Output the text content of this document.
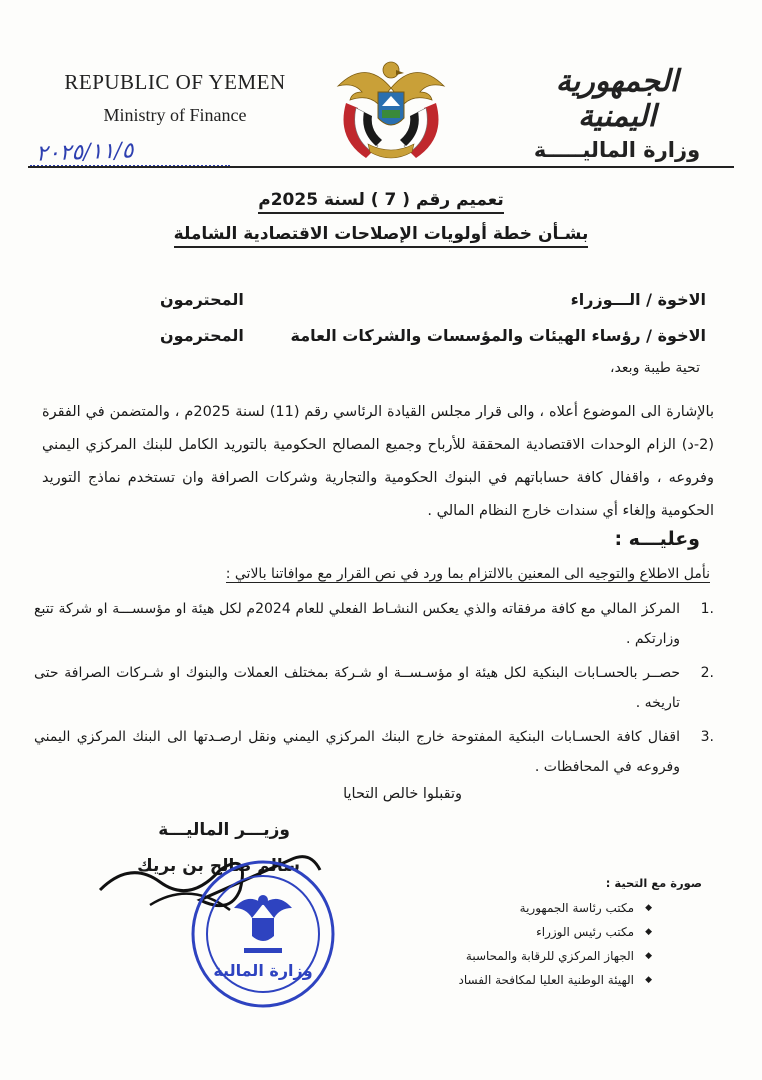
REPUBLIC OF YEMEN
Ministry of Finance
الجمهورية اليمنية
وزارة الماليـــــة
٢٠٢٥/١١/٥
تعميم رقم ( 7 ) لسنة 2025م
بشـأن خطة أولويات الإصلاحات الاقتصادية الشاملة
الاخوة / الـــوزراء
المحترمون
الاخوة / رؤساء الهيئات والمؤسسات والشركات العامة
المحترمون
تحية طيبة وبعد،
بالإشارة الى الموضوع أعلاه ، والى قرار مجلس القيادة الرئاسي رقم (11) لسنة 2025م ، والمتضمن في الفقرة (2-د) الزام الوحدات الاقتصادية المحققة للأرباح وجميع المصالح الحكومية بالتوريد الكامل للبنك المركزي اليمني وفروعه ، واقفال كافة حساباتهم في البنوك الحكومية والتجارية وشركات الصرافة وان تستخدم نماذج التوريد الحكومية وإلغاء أي سندات خارج النظام المالي .
وعليـــه :
نأمل الاطلاع والتوجيه الى المعنين بالالتزام بما ورد في نص القرار مع موافاتنا بالاتي :
.1
المركز المالي مع كافة مرفقاته والذي يعكس النشـاط الفعلي للعام 2024م لكل هيئة او مؤسســـة او شركة تتبع وزارتكم .
.2
حصــر بالحسـابات البنكية لكل هيئة او مؤسـســة او شـركة بمختلف العملات والبنوك او شـركات الصرافة حتى تاريخه .
.3
اقفال كافة الحسـابات البنكية المفتوحة خارج البنك المركزي اليمني ونقل ارصـدتها الى البنك المركزي اليمني وفروعه في المحافظات .
وتقبلوا خالص التحايا
وزيـــر الماليـــة
سالم صالح بن بريك
وزارة المالية
صورة مع التحية :
◆
مكتب رئاسة الجمهورية
◆
مكتب رئيس الوزراء
◆
الجهاز المركزي للرقابة والمحاسبة
◆
الهيئة الوطنية العليا لمكافحة الفساد
